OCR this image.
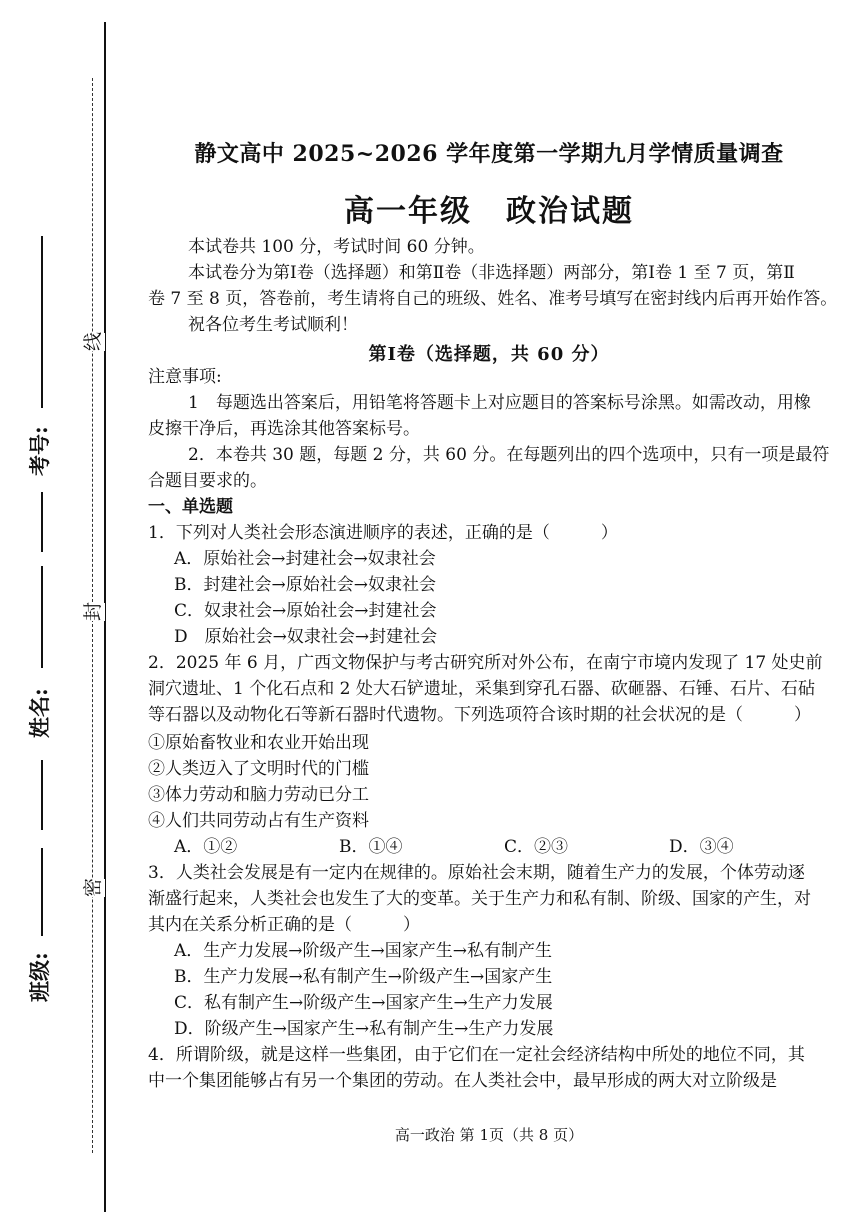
线
封
密
考号:
姓名:
班级:
静文高中 2025~2026 学年度第一学期九月学情质量调查
高一年级 政治试题
本试卷共 100 分，考试时间 60 分钟。
本试卷分为第Ⅰ卷（选择题）和第Ⅱ卷（非选择题）两部分，第Ⅰ卷 1 至 7 页，第Ⅱ
卷 7 至 8 页，答卷前，考生请将自己的班级、姓名、准考号填写在密封线内后再开始作答。
祝各位考生考试顺利！
第Ⅰ卷（选择题，共 60 分）
注意事项:
1　每题选出答案后，用铅笔将答题卡上对应题目的答案标号涂黑。如需改动，用橡
皮擦干净后，再选涂其他答案标号。
2．本卷共 30 题，每题 2 分，共 60 分。在每题列出的四个选项中，只有一项是最符
合题目要求的。
一、单选题
1．下列对人类社会形态演进顺序的表述，正确的是（　　　）
A．原始社会→封建社会→奴隶社会
B．封建社会→原始社会→奴隶社会
C．奴隶社会→原始社会→封建社会
D　原始社会→奴隶社会→封建社会
2．2025 年 6 月，广西文物保护与考古研究所对外公布，在南宁市境内发现了 17 处史前
洞穴遗址、1 个化石点和 2 处大石铲遗址，采集到穿孔石器、砍砸器、石锤、石片、石砧
等石器以及动物化石等新石器时代遗物。下列选项符合该时期的社会状况的是（　　　）
①原始畜牧业和农业开始出现
②人类迈入了文明时代的门槛
③体力劳动和脑力劳动已分工
④人们共同劳动占有生产资料
A．①②	B．①④	C．②③	D．③④
3．人类社会发展是有一定内在规律的。原始社会末期，随着生产力的发展，个体劳动逐
渐盛行起来，人类社会也发生了大的变革。关于生产力和私有制、阶级、国家的产生，对
其内在关系分析正确的是（　　　）
A．生产力发展→阶级产生→国家产生→私有制产生
B．生产力发展→私有制产生→阶级产生→国家产生
C．私有制产生→阶级产生→国家产生→生产力发展
D．阶级产生→国家产生→私有制产生→生产力发展
4．所谓阶级，就是这样一些集团，由于它们在一定社会经济结构中所处的地位不同，其
中一个集团能够占有另一个集团的劳动。在人类社会中，最早形成的两大对立阶级是
高一政治 第 1页（共 8 页）
